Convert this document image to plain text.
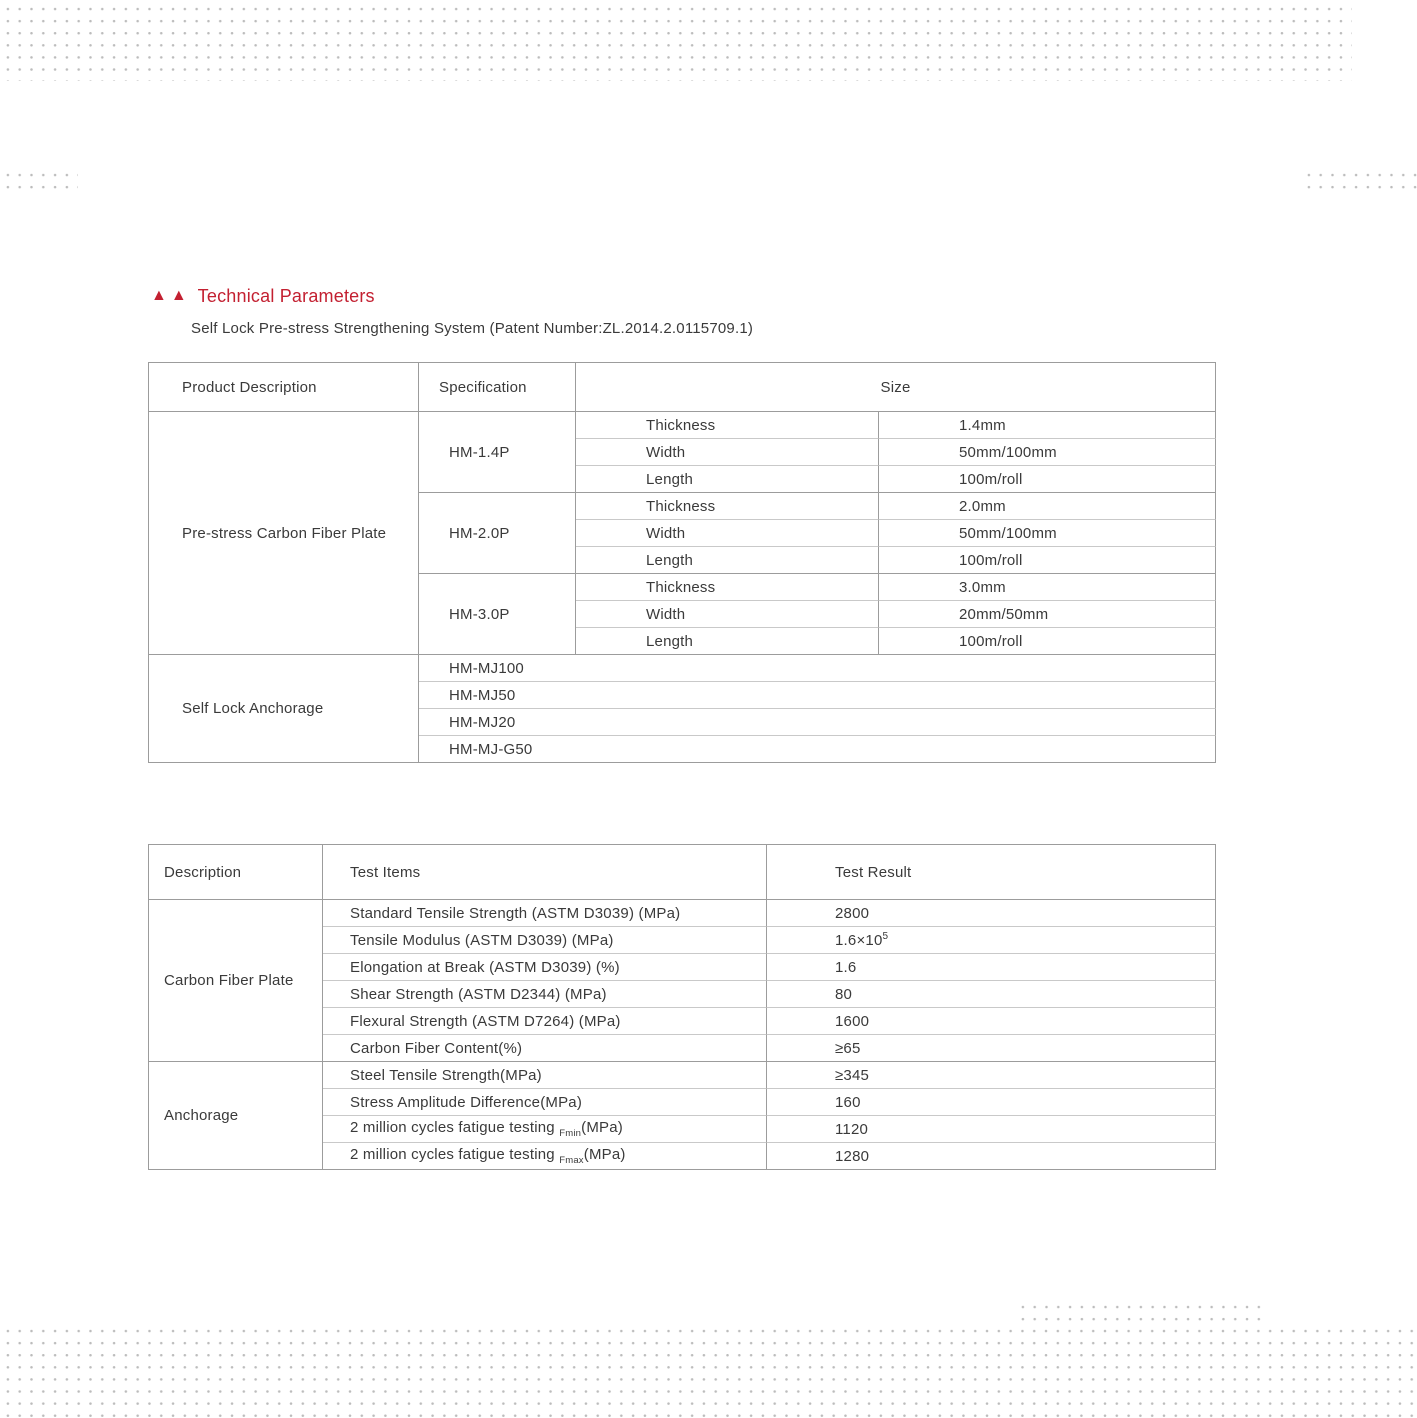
▲▲ Technical Parameters
Self Lock Pre-stress Strengthening System (Patent Number:ZL.2014.2.0115709.1)
Product Description	Specification	Size	
Pre-stress Carbon Fiber Plate	HM-1.4P	Thickness	1.4mm
		Width	50mm/100mm
		Length	100m/roll
	HM-2.0P	Thickness	2.0mm
		Width	50mm/100mm
		Length	100m/roll
	HM-3.0P	Thickness	3.0mm
		Width	20mm/50mm
		Length	100m/roll
Self Lock Anchorage	HM-MJ100		
	HM-MJ50		
	HM-MJ20		
	HM-MJ-G50		
Description	Test Items	Test Result
Carbon Fiber Plate	Standard Tensile Strength (ASTM D3039) (MPa)	2800
	Tensile Modulus (ASTM D3039) (MPa)	$1.6\times 10^5$
	Elongation at Break (ASTM D3039) (%)	1.6
	Shear Strength (ASTM D2344) (MPa)	80
	Flexural Strength (ASTM D7264) (MPa)	1600
	Carbon Fiber Content(%)	≥65
Anchorage	Steel Tensile Strength(MPa)	≥345
	Stress Amplitude Difference(MPa)	160
	2 million cycles fatigue testing $_{Fmin}$(MPa)	1120
	2 million cycles fatigue testing $_{Fmax}$(MPa)	1280
